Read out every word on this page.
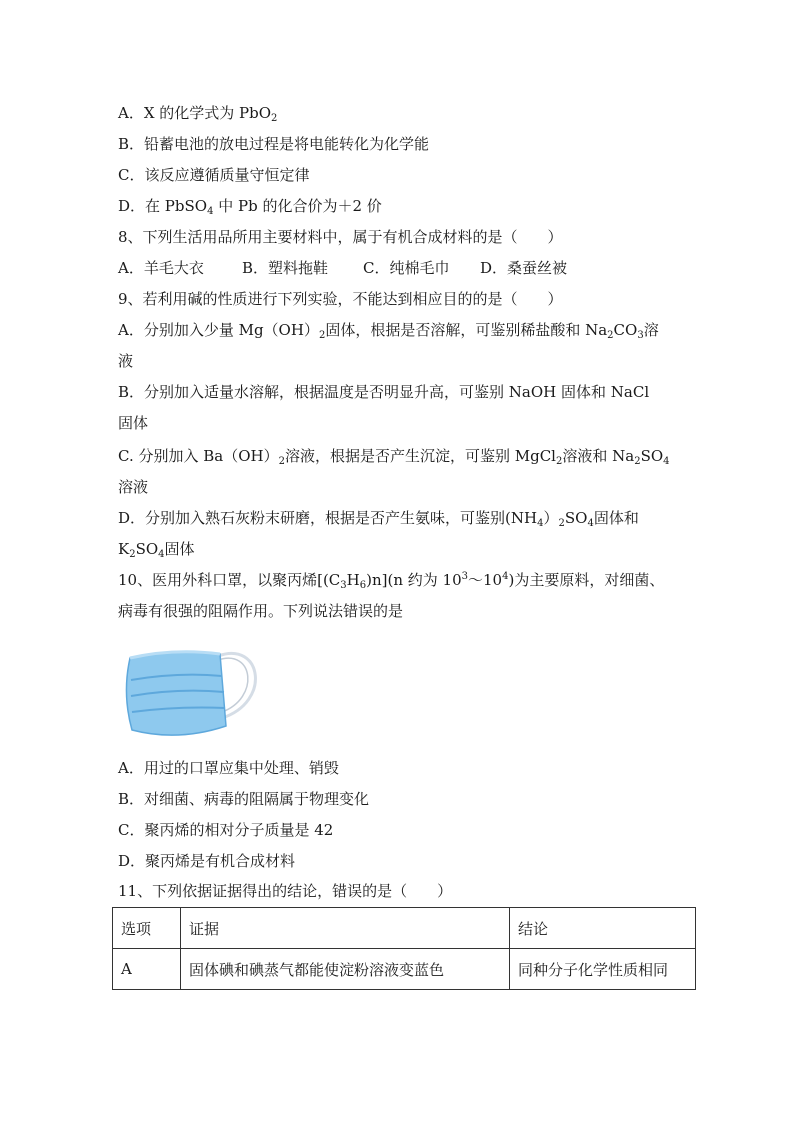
A．X 的化学式为 PbO$_2$
B．铅蓄电池的放电过程是将电能转化为化学能
C．该反应遵循质量守恒定律
D．在 PbSO$_4$ 中 Pb 的化合价为＋2 价
8、下列生活用品所用主要材料中，属于有机合成材料的是（　　）
A．羊毛大衣	B．塑料拖鞋 C．纯棉毛巾 D．桑蚕丝被
9、若利用碱的性质进行下列实验，不能达到相应目的的是（　　）
A．分别加入少量 $Mg(OH)_2$固体，根据是否溶解，可鉴别稀盐酸和 $Na_2CO_3$溶
液
B．分别加入适量水溶解，根据温度是否明显升高，可鉴别 NaOH 固体和 NaCl
固体
C. 分别加入 $Ba(OH)_2$溶液，根据是否产生沉淀，可鉴别 MgCl$_2$溶液和 $Na_2SO_4$
溶液
D．分别加入熟石灰粉末研磨，根据是否产生氨味，可鉴别$(NH_4)_2SO_4$固体和
$K_2SO_4$固体
10、医用外科口罩，以聚丙烯$[(C_3H_6)n](n$ 约为 $10^3\sim 10^4$)为主要原料，对细菌、
病毒有很强的阻隔作用。下列说法错误的是
A．用过的口罩应集中处理、销毁
B．对细菌、病毒的阻隔属于物理变化
C．聚丙烯的相对分子质量是 42
D．聚丙烯是有机合成材料
11、下列依据证据得出的结论，错误的是（　　）
选项	证据	结论
A	固体碘和碘蒸气都能使淀粉溶液变蓝色	同种分子化学性质相同
